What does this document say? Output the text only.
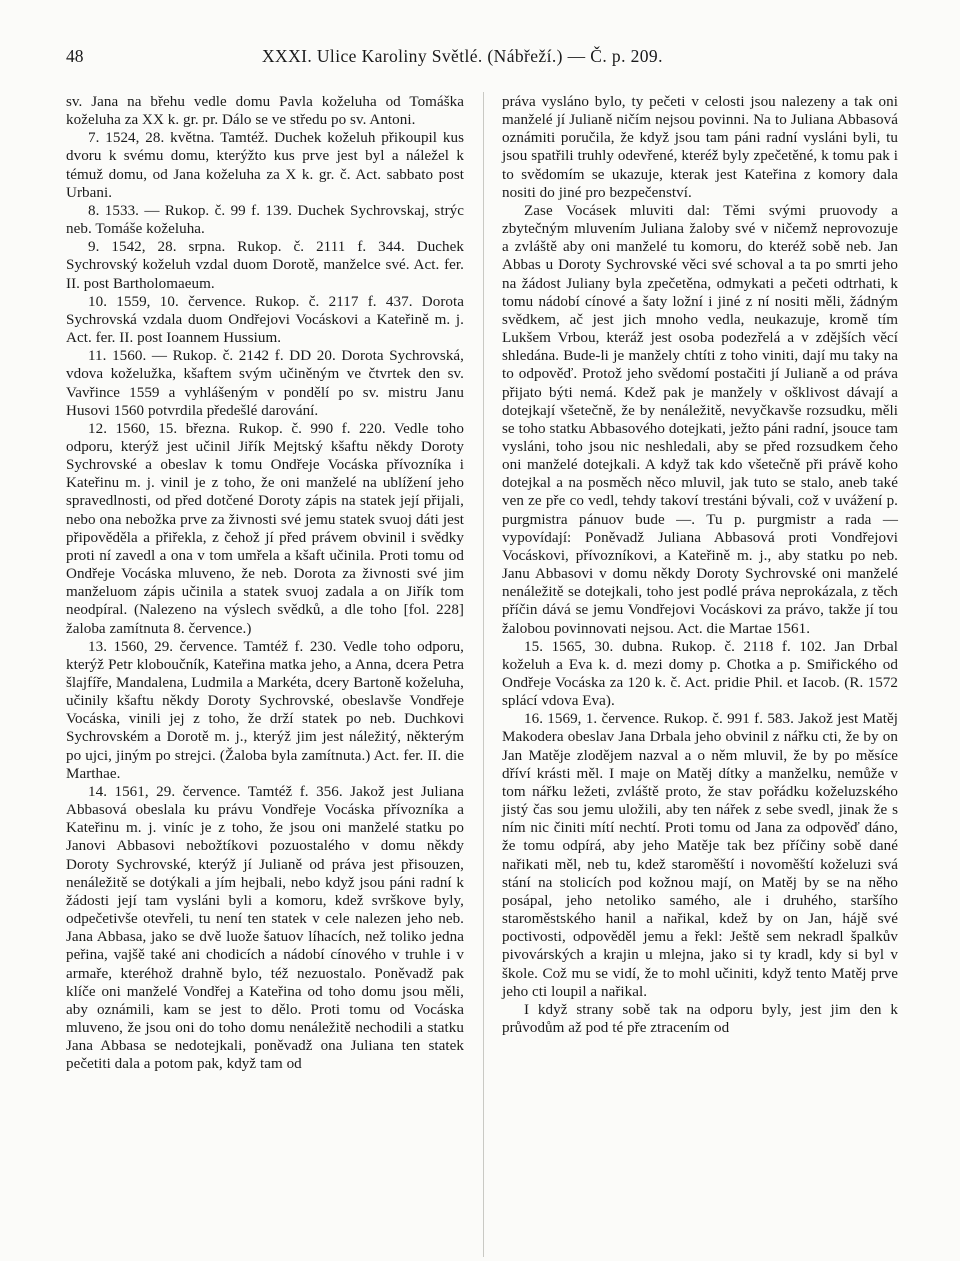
48	XXXI. Ulice Karoliny Světlé. (Nábřeží.) — Č. p. 209.

sv. Jana na břehu vedle domu Pavla koželuha od Tomáška koželuha za XX k. gr. pr. Dálo se ve středu po sv. Antoni.

7. 1524, 28. května. Tamtéž. Duchek koželuh přikoupil kus dvoru k svému domu, kterýžto kus prve jest byl a náležel k témuž domu, od Jana koželuha za X k. gr. č. Act. sabbato post Urbani.

8. 1533. — Rukop. č. 99 f. 139. Duchek Sychrovskaj, strýc neb. Tomáše koželuha.

9. 1542, 28. srpna. Rukop. č. 2111 f. 344. Duchek Sychrovský koželuh vzdal duom Dorotě, manželce své. Act. fer. II. post Bartholomaeum.

10. 1559, 10. července. Rukop. č. 2117 f. 437. Dorota Sychrovská vzdala duom Ondřejovi Vocáskovi a Kateřině m. j. Act. fer. II. post Ioannem Hussium.

11. 1560. — Rukop. č. 2142 f. DD 20. Dorota Sychrovská, vdova koželužka, kšaftem svým učiněným ve čtvrtek den sv. Vavřince 1559 a vyhlášeným v pondělí po sv. mistru Janu Husovi 1560 potvrdila předešlé darování.

12. 1560, 15. března. Rukop. č. 990 f. 220. Vedle toho odporu, kterýž jest učinil Jiřík Mejtský kšaftu někdy Doroty Sychrovské a obeslav k tomu Ondřeje Vocáska přívozníka i Kateřinu m. j. vinil je z toho, že oni manželé na ublížení jeho spravedlnosti, od před dotčené Doroty zápis na statek její přijali, nebo ona nebožka prve za živnosti své jemu statek svuoj dáti jest připověděla a přiřekla, z čehož jí před právem obvinil i svědky proti ní zavedl a ona v tom umřela a kšaft učinila. Proti tomu od Ondřeje Vocáska mluveno, že neb. Dorota za živnosti své jim manželuom zápis učinila a statek svuoj zadala a on Jiřík tom neodpíral. (Nalezeno na výslech svědků, a dle toho [fol. 228] žaloba zamítnuta 8. července.)

13. 1560, 29. července. Tamtéž f. 230. Vedle toho odporu, kterýž Petr kloboučník, Kateřina matka jeho, a Anna, dcera Petra šlajfíře, Mandalena, Ludmila a Markéta, dcery Bartoně koželuha, učinily kšaftu někdy Doroty Sychrovské, obeslavše Vondřeje Vocáska, vinili jej z toho, že drží statek po neb. Duchkovi Sychrovském a Dorotě m. j., kterýž jim jest náležitý, některým po ujci, jiným po strejci. (Žaloba byla zamítnuta.) Act. fer. II. die Marthae.

14. 1561, 29. července. Tamtéž f. 356. Jakož jest Juliana Abbasová obeslala ku právu Vondřeje Vocáska přívozníka a Kateřinu m. j. viníc je z toho, že jsou oni manželé statku po Janovi Abbasovi nebožtíkovi pozuostalého v domu někdy Doroty Sychrovské, kterýž jí Julianě od práva jest přisouzen, nenáležitě se dotýkali a jím hejbali, nebo když jsou páni radní k žádosti její tam vysláni byli a komoru, kdež svrškove byly, odpečetivše otevřeli, tu není ten statek v cele nalezen jeho neb. Jana Abbasa, jako se dvě luože šatuov líhacích, než toliko jedna peřina, vajšě také ani chodicích a nádobí cínového v truhle i v armaře, kteréhož drahně bylo, též nezuostalo. Poněvadž pak klíče oni manželé Vondřej a Kateřina od toho domu jsou měli, aby oznámili, kam se jest to dělo. Proti tomu od Vocáska mluveno, že jsou oni do toho domu nenáležitě nechodili a statku Jana Abbasa se nedotejkali, poněvadž ona Juliana ten statek pečetiti dala a potom pak, když tam od

práva vysláno bylo, ty pečeti v celosti jsou nalezeny a tak oni manželé jí Julianě ničím nejsou povinni. Na to Juliana Abbasová oznámiti poručila, že když jsou tam páni radní vysláni byli, tu jsou spatřili truhly odevřené, kteréž byly zpečetěné, k tomu pak i to svědomím se ukazuje, kterak jest Kateřina z komory dala nositi do jiné pro bezpečenství.

Zase Vocásek mluviti dal: Těmi svými pruovody a zbytečným mluvením Juliana žaloby své v ničemž neprovozuje a zvláště aby oni manželé tu komoru, do kteréž sobě neb. Jan Abbas u Doroty Sychrovské věci své schoval a ta po smrti jeho na žádost Juliany byla zpečetěna, odmykati a pečeti odtrhati, k tomu nádobí cínové a šaty ložní i jiné z ní nositi měli, žádným svědkem, ač jest jich mnoho vedla, neukazuje, kromě tím Lukšem Vrbou, kteráž jest osoba podezřelá a v zdějších věcí shledána. Bude-li je manžely chtíti z toho viniti, dají mu taky na to odpověď. Protož jeho svědomí postačiti jí Julianě a od práva přijato býti nemá. Kdež pak je manžely v ošklivost dávají a dotejkají všetečně, že by nenáležitě, nevyčkavše rozsudku, měli se toho statku Abbasového dotejkati, ježto páni radní, jsouce tam vysláni, toho jsou nic neshledali, aby se před rozsudkem čeho oni manželé dotejkali. A když tak kdo všetečně při právě koho dotejkal a na posměch něco mluvil, jak tuto se stalo, aneb také ven ze pře co vedl, tehdy takoví trestáni bývali, což v uvážení p. purgmistra pánuov bude —. Tu p. purgmistr a rada — vypovídají: Poněvadž Juliana Abbasová proti Vondřejovi Vocáskovi, přívozníkovi, a Kateřině m. j., aby statku po neb. Janu Abbasovi v domu někdy Doroty Sychrovské oni manželé nenáležitě se dotejkali, toho jest podlé práva neprokázala, z těch příčin dává se jemu Vondřejovi Vocáskovi za právo, takže jí tou žalobou povinnovati nejsou. Act. die Martae 1561.

15. 1565, 30. dubna. Rukop. č. 2118 f. 102. Jan Drbal koželuh a Eva k. d. mezi domy p. Chotka a p. Smiřického od Ondřeje Vocáska za 120 k. č. Act. pridie Phil. et Iacob. (R. 1572 splácí vdova Eva).

16. 1569, 1. července. Rukop. č. 991 f. 583. Jakož jest Matěj Makodera obeslav Jana Drbala jeho obvinil z nářku cti, že by on Jan Matěje zlodějem nazval a o něm mluvil, že by po měsíce dříví krásti měl. I maje on Matěj dítky a manželku, nemůže v tom nářku ležeti, zvláště proto, že stav pořádku koželuzského jistý čas sou jemu uložili, aby ten nářek z sebe svedl, jinak že s ním nic činiti mítí nechtí. Proti tomu od Jana za odpověď dáno, že tomu odpírá, aby jeho Matěje tak bez příčiny sobě dané nařikati měl, neb tu, kdež staroměští i novoměští koželuzi svá stání na stolicích pod kožnou mají, on Matěj by se na něho posápal, jeho netoliko samého, ale i druhého, staršího staroměstského hanil a nařikal, kdež by on Jan, hájě své poctivosti, odpověděl jemu a řekl: Ještě sem nekradl špalkův pivovárských a krajin u mlejna, jako si ty kradl, kdy si byl v škole. Což mu se vidí, že to mohl učiniti, když tento Matěj prve jeho cti loupil a nařikal.

I když strany sobě tak na odporu byly, jest jim den k průvodům až pod té pře ztracením od
